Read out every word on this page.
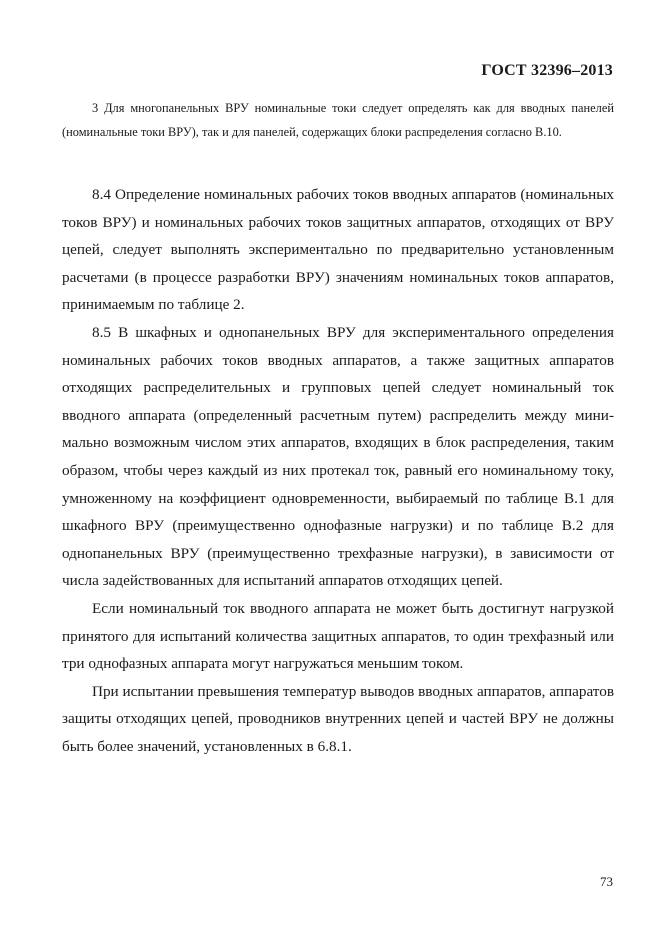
ГОСТ 32396–2013
3 Для многопанельных ВРУ номинальные токи следует определять как для вводных панелей (номинальные токи ВРУ), так и для панелей, содержащих блоки распределения согласно В.10.

8.4 Определение номинальных рабочих токов вводных аппаратов (номинальных токов ВРУ) и номинальных рабочих токов защитных аппаратов, отходящих от ВРУ цепей, следует выполнять экспериментально по предварительно установленным расчетами (в процессе разработки ВРУ) значениям номинальных токов аппаратов, принимаемым по таблице 2.

8.5 В шкафных и однопанельных ВРУ для экспериментального определения номинальных рабочих токов вводных аппаратов, а также защитных аппаратов отходящих распределительных и групповых цепей следует номинальный ток вводного аппарата (определенный расчетным путем) распределить между минимально возможным числом этих аппаратов, входящих в блок распределения, таким образом, чтобы через каждый из них протекал ток, равный его номинальному току, умноженному на коэффициент одновременности, выбираемый по таблице В.1 для шкафного ВРУ (преимущественно однофазные нагрузки) и по таблице В.2 для однопанельных ВРУ (преимущественно трехфазные нагрузки), в зависимости от числа задействованных для испытаний аппаратов отходящих цепей.

Если номинальный ток вводного аппарата не может быть достигнут нагрузкой принятого для испытаний количества защитных аппаратов, то один трехфазный или три однофазных аппарата могут нагружаться меньшим током.

При испытании превышения температур выводов вводных аппаратов, аппаратов защиты отходящих цепей, проводников внутренних цепей и частей ВРУ не должны быть более значений, установленных в 6.8.1.

73
